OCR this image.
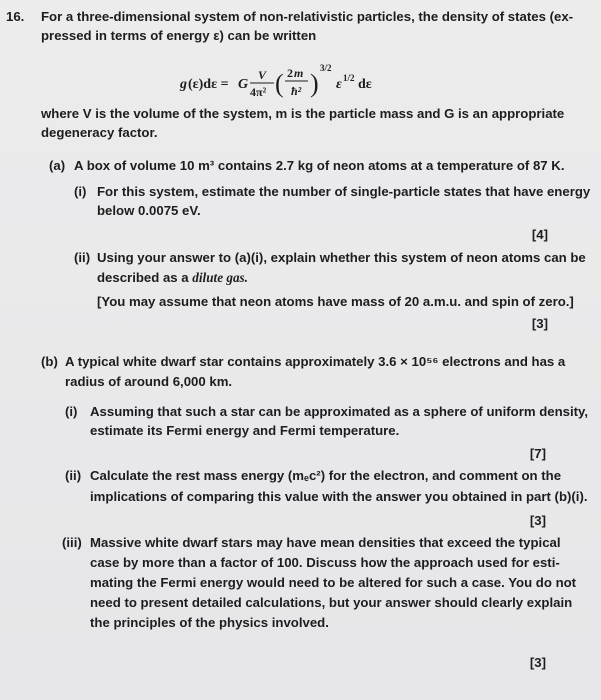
16. For a three-dimensional system of non-relativistic particles, the density of states (ex-
pressed in terms of energy ε) can be written
g (ε)dε = G
V
4π² ( 2 m
ħ² )
3/2
ε 1/2 dε
where V is the volume of the system, m is the particle mass and G is an appropriate
degeneracy factor.
(a) A box of volume 10 m³ contains 2.7 kg of neon atoms at a temperature of 87 K.
(i) For this system, estimate the number of single-particle states that have energy
below 0.0075 eV.
[4]
(ii) Using your answer to (a)(i), explain whether this system of neon atoms can be
described as a dilute gas.
[You may assume that neon atoms have mass of 20 a.m.u. and spin of zero.]
[3]
(b) A typical white dwarf star contains approximately 3.6 × 10⁵⁶ electrons and has a
radius of around 6,000 km.
(i) Assuming that such a star can be approximated as a sphere of uniform density,
estimate its Fermi energy and Fermi temperature.
[7]
(ii) Calculate the rest mass energy (mₑc²) for the electron, and comment on the
implications of comparing this value with the answer you obtained in part (b)(i).
[3]
(iii) Massive white dwarf stars may have mean densities that exceed the typical
case by more than a factor of 100. Discuss how the approach used for esti-
mating the Fermi energy would need to be altered for such a case. You do not
need to present detailed calculations, but your answer should clearly explain
the principles of the physics involved.
[3]
